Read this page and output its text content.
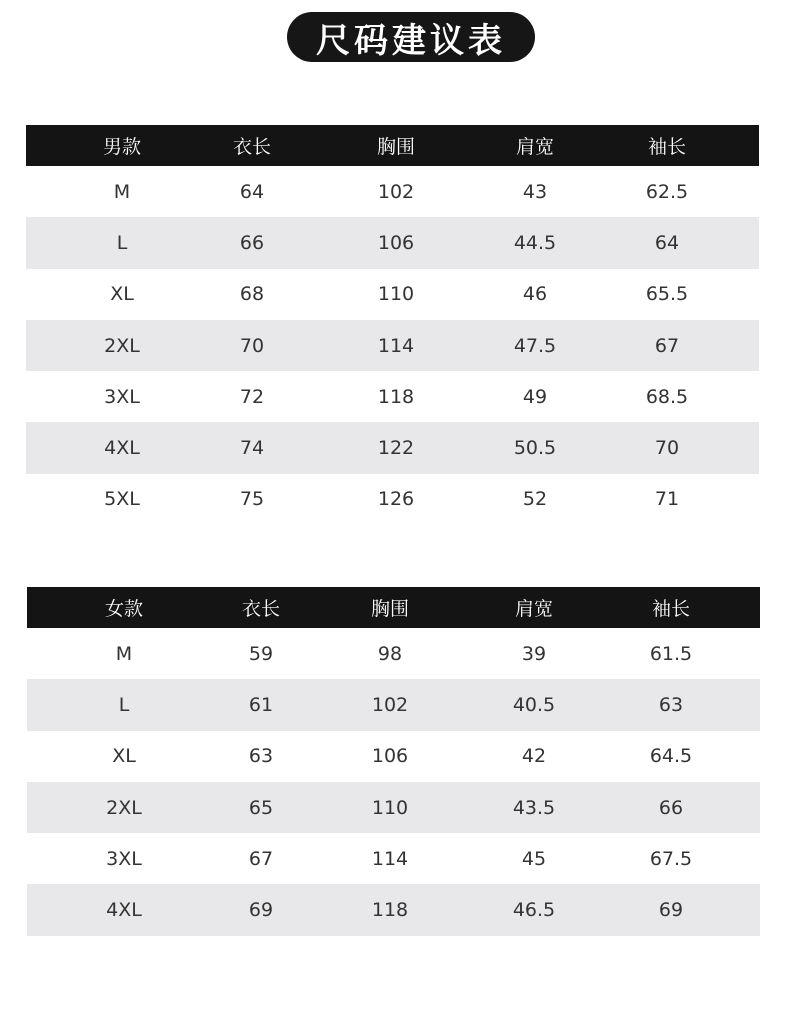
尺码建议表
男款	衣长	胸围	肩宽	袖长
M	64	102	43	62.5
L	66	106	44.5	64
XL	68	110	46	65.5
2XL	70	114	47.5	67
3XL	72	118	49	68.5
4XL	74	122	50.5	70
5XL	75	126	52	71
女款	衣长	胸围	肩宽	袖长
M	59	98	39	61.5
L	61	102	40.5	63
XL	63	106	42	64.5
2XL	65	110	43.5	66
3XL	67	114	45	67.5
4XL	69	118	46.5	69
